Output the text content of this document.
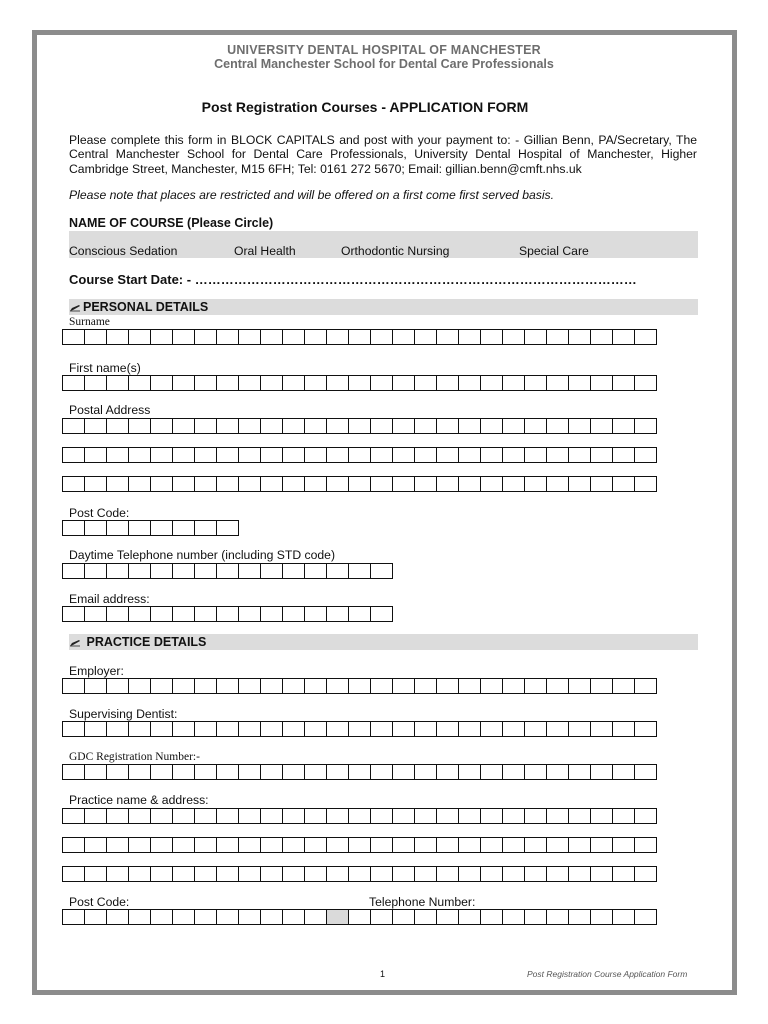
UNIVERSITY DENTAL HOSPITAL OF MANCHESTER
Central Manchester School for Dental Care Professionals
Post Registration Courses - APPLICATION FORM
Please complete this form in BLOCK CAPITALS and post with your payment to: - Gillian Benn, PA/Secretary, The Central Manchester School for Dental Care Professionals, University Dental Hospital of Manchester, Higher Cambridge Street, Manchester, M15 6FH; Tel: 0161 272 5670; Email: gillian.benn@cmft.nhs.uk
Please note that places are restricted and will be offered on a first come first served basis.
NAME OF COURSE (Please Circle)
Conscious Sedation	Oral Health	Orthodontic Nursing	Special Care
Course Start Date: - …………………………………………………………………………………………
PERSONAL DETAILS
Surname
First name(s)
Postal Address
Post Code:
Daytime Telephone number (including STD code)
Email address:
PRACTICE DETAILS
Employer:
Supervising Dentist:
GDC Registration Number:-
Practice name & address:
Post Code:	Telephone Number:
1	Post Registration Course Application Form
